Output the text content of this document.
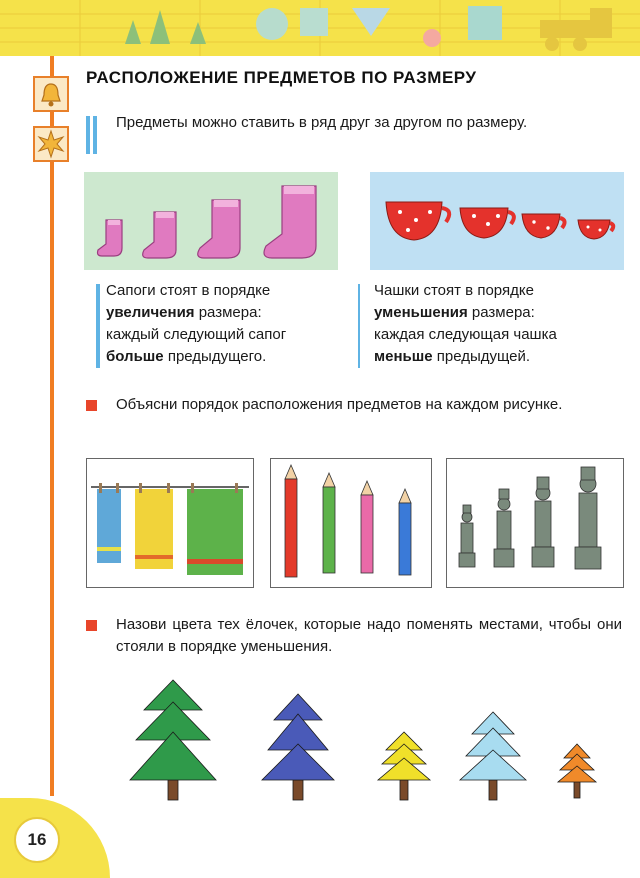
РАСПОЛОЖЕНИЕ ПРЕДМЕТОВ ПО РАЗМЕРУ
Предметы можно ставить в ряд друг за другом по размеру.
Сапоги стоят в порядке
увеличения размера:
каждый следующий сапог
больше предыдущего.
Чашки стоят в порядке
уменьшения размера:
каждая следующая чашка
меньше предыдущей.
Объясни порядок расположения предметов на каждом рисунке.
Назови цвета тех ёлочек, которые надо поменять местами, чтобы они стояли в порядке уменьшения.
16
